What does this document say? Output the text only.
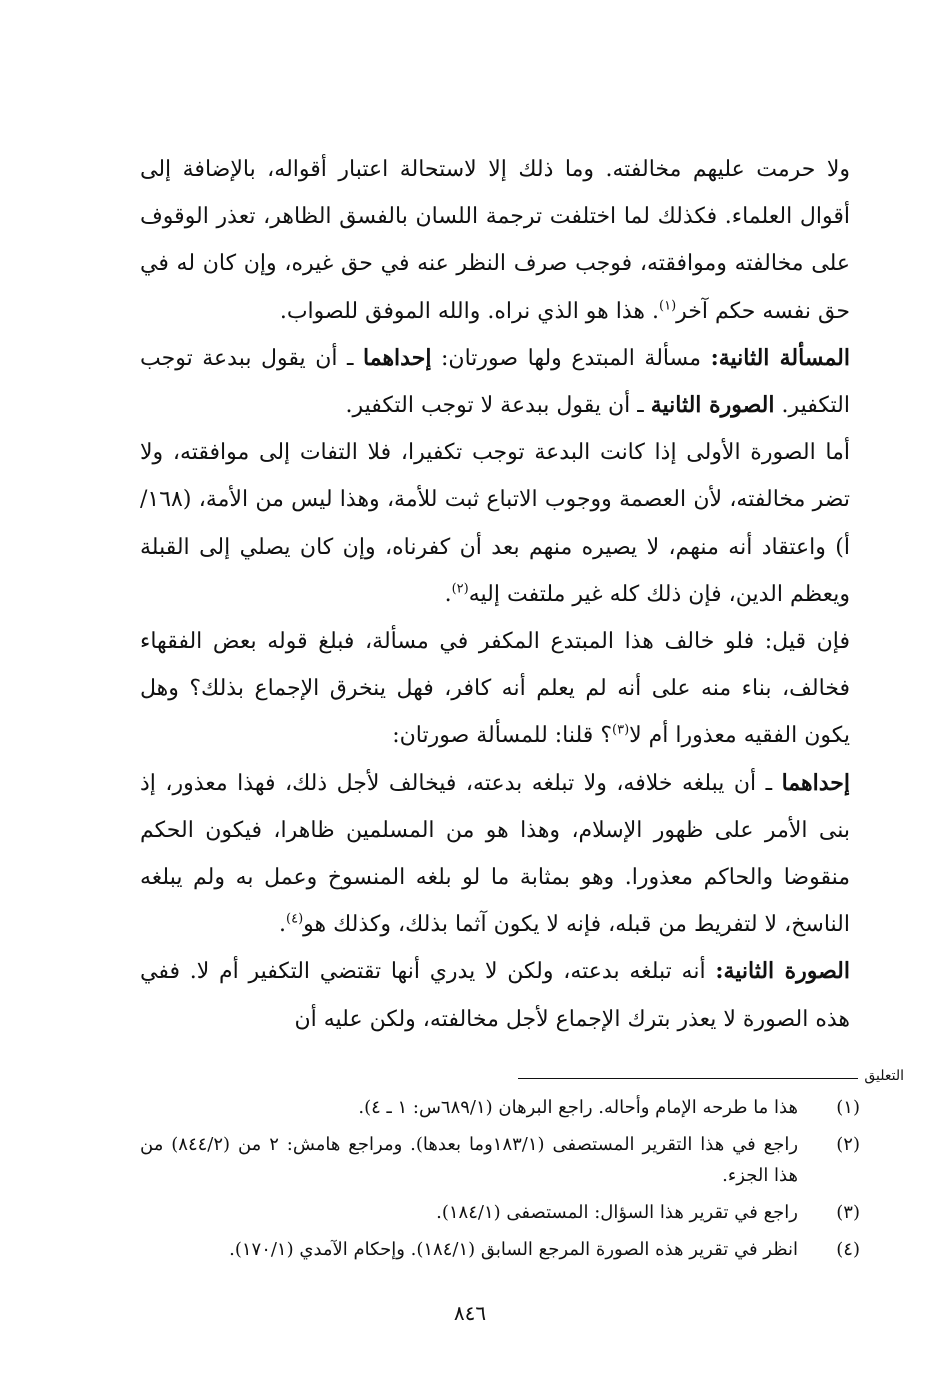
ولا حرمت عليهم مخالفته. وما ذلك إلا لاستحالة اعتبار أقواله، بالإضافة إلى أقوال العلماء. فكذلك لما اختلفت ترجمة اللسان بالفسق الظاهر، تعذر الوقوف على مخالفته وموافقته، فوجب صرف النظر عنه في حق غيره، وإن كان له في حق نفسه حكم آخر$^{(١)}$. هذا هو الذي نراه. والله الموفق للصواب.

المسألة الثانية: مسألة المبتدع ولها صورتان: إحداهما ـ أن يقول ببدعة توجب التكفير. الصورة الثانية ـ أن يقول ببدعة لا توجب التكفير.

أما الصورة الأولى إذا كانت البدعة توجب تكفيرا، فلا التفات إلى موافقته، ولا تضر مخالفته، لأن العصمة ووجوب الاتباع ثبت للأمة، وهذا ليس من الأمة، (١٦٨/أ) واعتقاد أنه منهم، لا يصيره منهم بعد أن كفرناه، وإن كان يصلي إلى القبلة ويعظم الدين، فإن ذلك كله غير ملتفت إليه$^{(٢)}$.

فإن قيل: فلو خالف هذا المبتدع المكفر في مسألة، فبلغ قوله بعض الفقهاء فخالف، بناء منه على أنه لم يعلم أنه كافر، فهل ينخرق الإجماع بذلك؟ وهل يكون الفقيه معذورا أم لا$^{(٣)}$؟ قلنا: للمسألة صورتان:

إحداهما ـ أن يبلغه خلافه، ولا تبلغه بدعته، فيخالف لأجل ذلك، فهذا معذور، إذ بنى الأمر على ظهور الإسلام، وهذا هو من المسلمين ظاهرا، فيكون الحكم منقوضا والحاكم معذورا. وهو بمثابة ما لو بلغه المنسوخ وعمل به ولم يبلغه الناسخ، لا لتفريط من قبله، فإنه لا يكون آثما بذلك، وكذلك هو$^{(٤)}$.

الصورة الثانية: أنه تبلغه بدعته، ولكن لا يدري أنها تقتضي التكفير أم لا. ففي هذه الصورة لا يعذر بترك الإجماع لأجل مخالفته، ولكن عليه أن

التعليق
(١)
هذا ما طرحه الإمام وأحاله. راجع البرهان (٦٨٩/١س: ١ ـ ٤).
(٢)
راجع في هذا التقرير المستصفى (١٨٣/١وما بعدها). ومراجع هامش: ٢ من (٨٤٤/٢) من هذا الجزء.
(٣)
راجع في تقرير هذا السؤال: المستصفى (١٨٤/١).
(٤)
انظر في تقرير هذه الصورة المرجع السابق (١٨٤/١). وإحكام الآمدي (١٧٠/١).
٨٤٦
